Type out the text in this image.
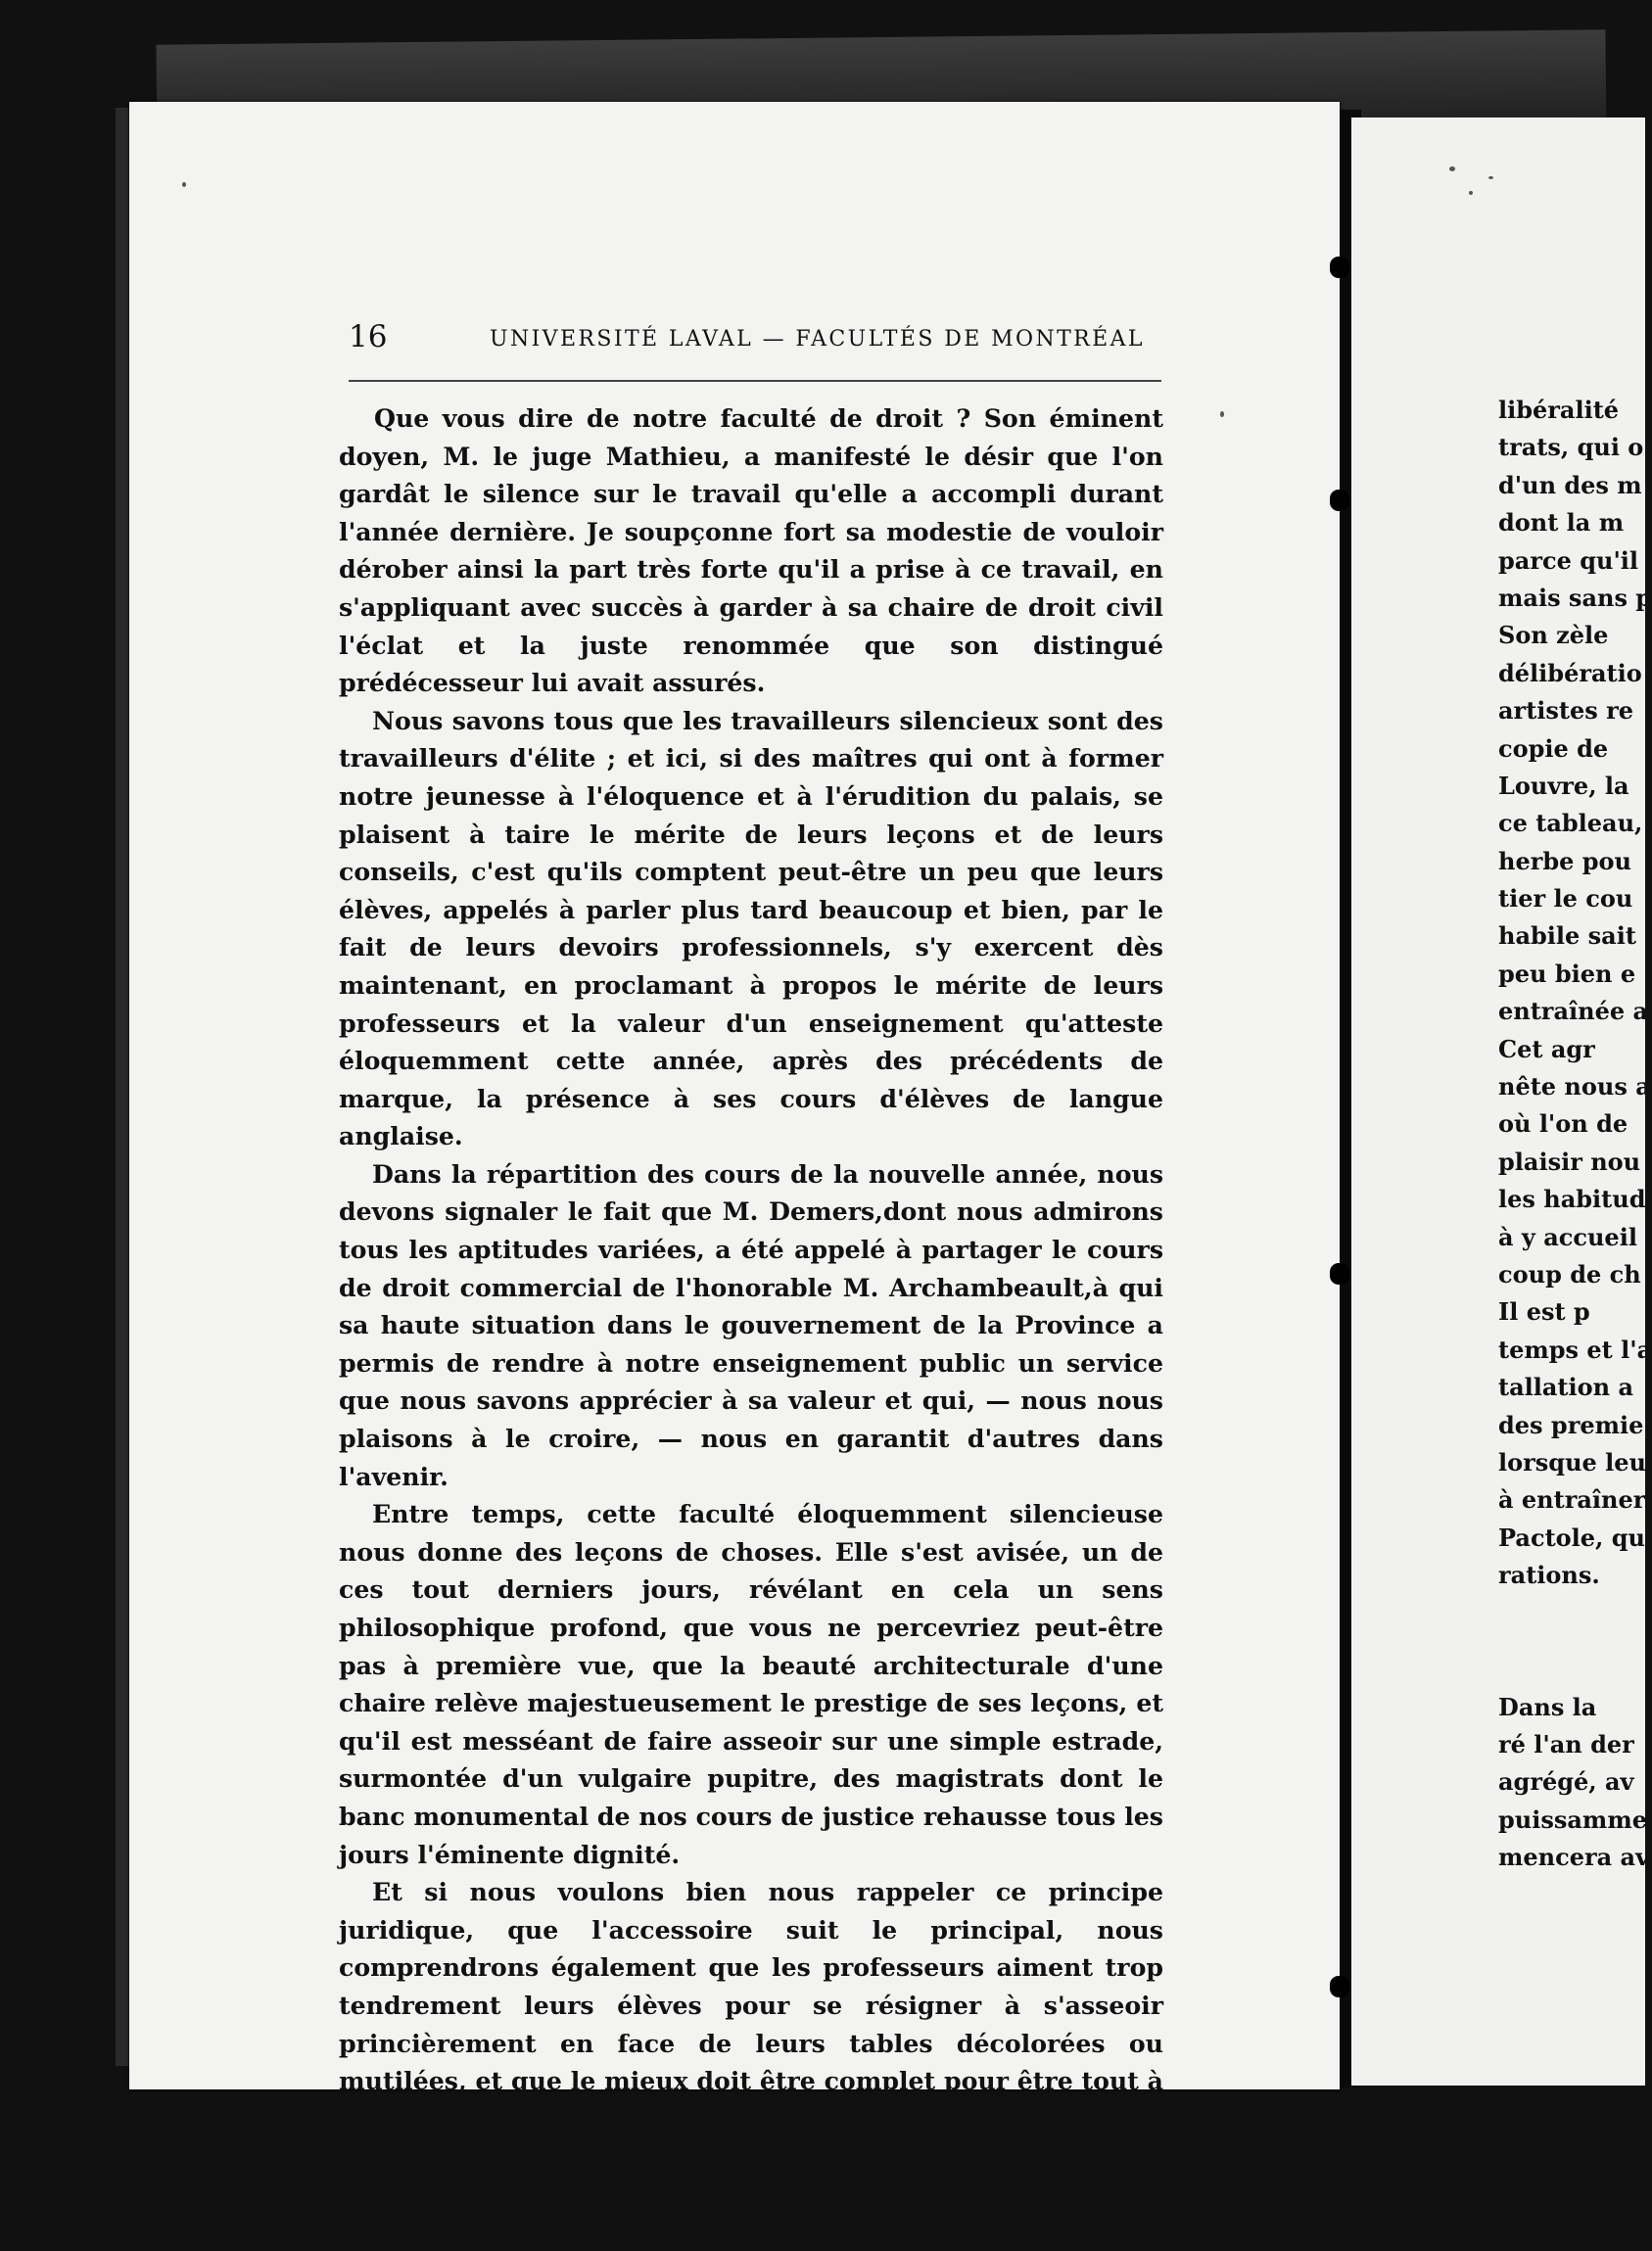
16	UNIVERSITÉ LAVAL — FACULTÉS DE MONTRÉAL

Que vous dire de notre faculté de droit ? Son éminent doyen, M. le juge Mathieu, a manifesté le désir que l'on gardât le silence sur le travail qu'elle a accompli durant l'année dernière. Je soupçonne fort sa modestie de vouloir dérober ainsi la part très forte qu'il a prise à ce travail, en s'appliquant avec succès à garder à sa chaire de droit civil l'éclat et la juste renommée que son distingué prédécesseur lui avait assurés.

Nous savons tous que les travailleurs silencieux sont des travailleurs d'élite ; et ici, si des maîtres qui ont à former notre jeunesse à l'éloquence et à l'érudition du palais, se plaisent à taire le mérite de leurs leçons et de leurs conseils, c'est qu'ils comptent peut-être un peu que leurs élèves, appelés à parler plus tard beaucoup et bien, par le fait de leurs devoirs professionnels, s'y exercent dès maintenant, en proclamant à propos le mérite de leurs professeurs et la valeur d'un enseignement qu'atteste éloquemment cette année, après des précédents de marque, la présence à ses cours d'élèves de langue anglaise.

Dans la répartition des cours de la nouvelle année, nous devons signaler le fait que M. Demers,dont nous admirons tous les aptitudes variées, a été appelé à partager le cours de droit commercial de l'honorable M. Archambeault,à qui sa haute situation dans le gouvernement de la Province a permis de rendre à notre enseignement public un service que nous savons apprécier à sa valeur et qui, — nous nous plaisons à le croire, — nous en garantit d'autres dans l'avenir.

Entre temps, cette faculté éloquemment silencieuse nous donne des leçons de choses. Elle s'est avisée, un de ces tout derniers jours, révélant en cela un sens philosophique profond, que vous ne percevriez peut-être pas à première vue, que la beauté architecturale d'une chaire relève majestueusement le prestige de ses leçons, et qu'il est messéant de faire asseoir sur une simple estrade, surmontée d'un vulgaire pupitre, des magistrats dont le banc monumental de nos cours de justice rehausse tous les jours l'éminente dignité.

Et si nous voulons bien nous rappeler ce principe juridique, que l'accessoire suit le principal, nous comprendrons également que les professeurs aiment trop tendrement leurs élèves pour se résigner à s'asseoir princièrement en face de leurs tables décolorées ou mutilées, et que le mieux doit être complet pour être tout à fait l'ennemi vainqueur du bien.

Les élèves s'assiéront donc à des pupitres neufs, en face de leurs professeurs inaugurant leurs chaires nouvelles ; et ceci, grâce à la

libéralité
trats, qui o
d'un des m
dont la m
parce qu'il
mais sans p
Son zèle
délibératio
artistes re
copie de
Louvre, la
ce tableau,
herbe pou
tier le cou
habile sait
peu bien e
entraînée a
Cet agr
nête nous a
où l'on de
plaisir nou
les habitud
à y accueil
coup de ch
Il est p
temps et l'a
tallation a
des premie
lorsque leu
à entraîner
Pactole, qu
rations.
Dans la
ré l'an der
agrégé, av
puissamme
mencera av
